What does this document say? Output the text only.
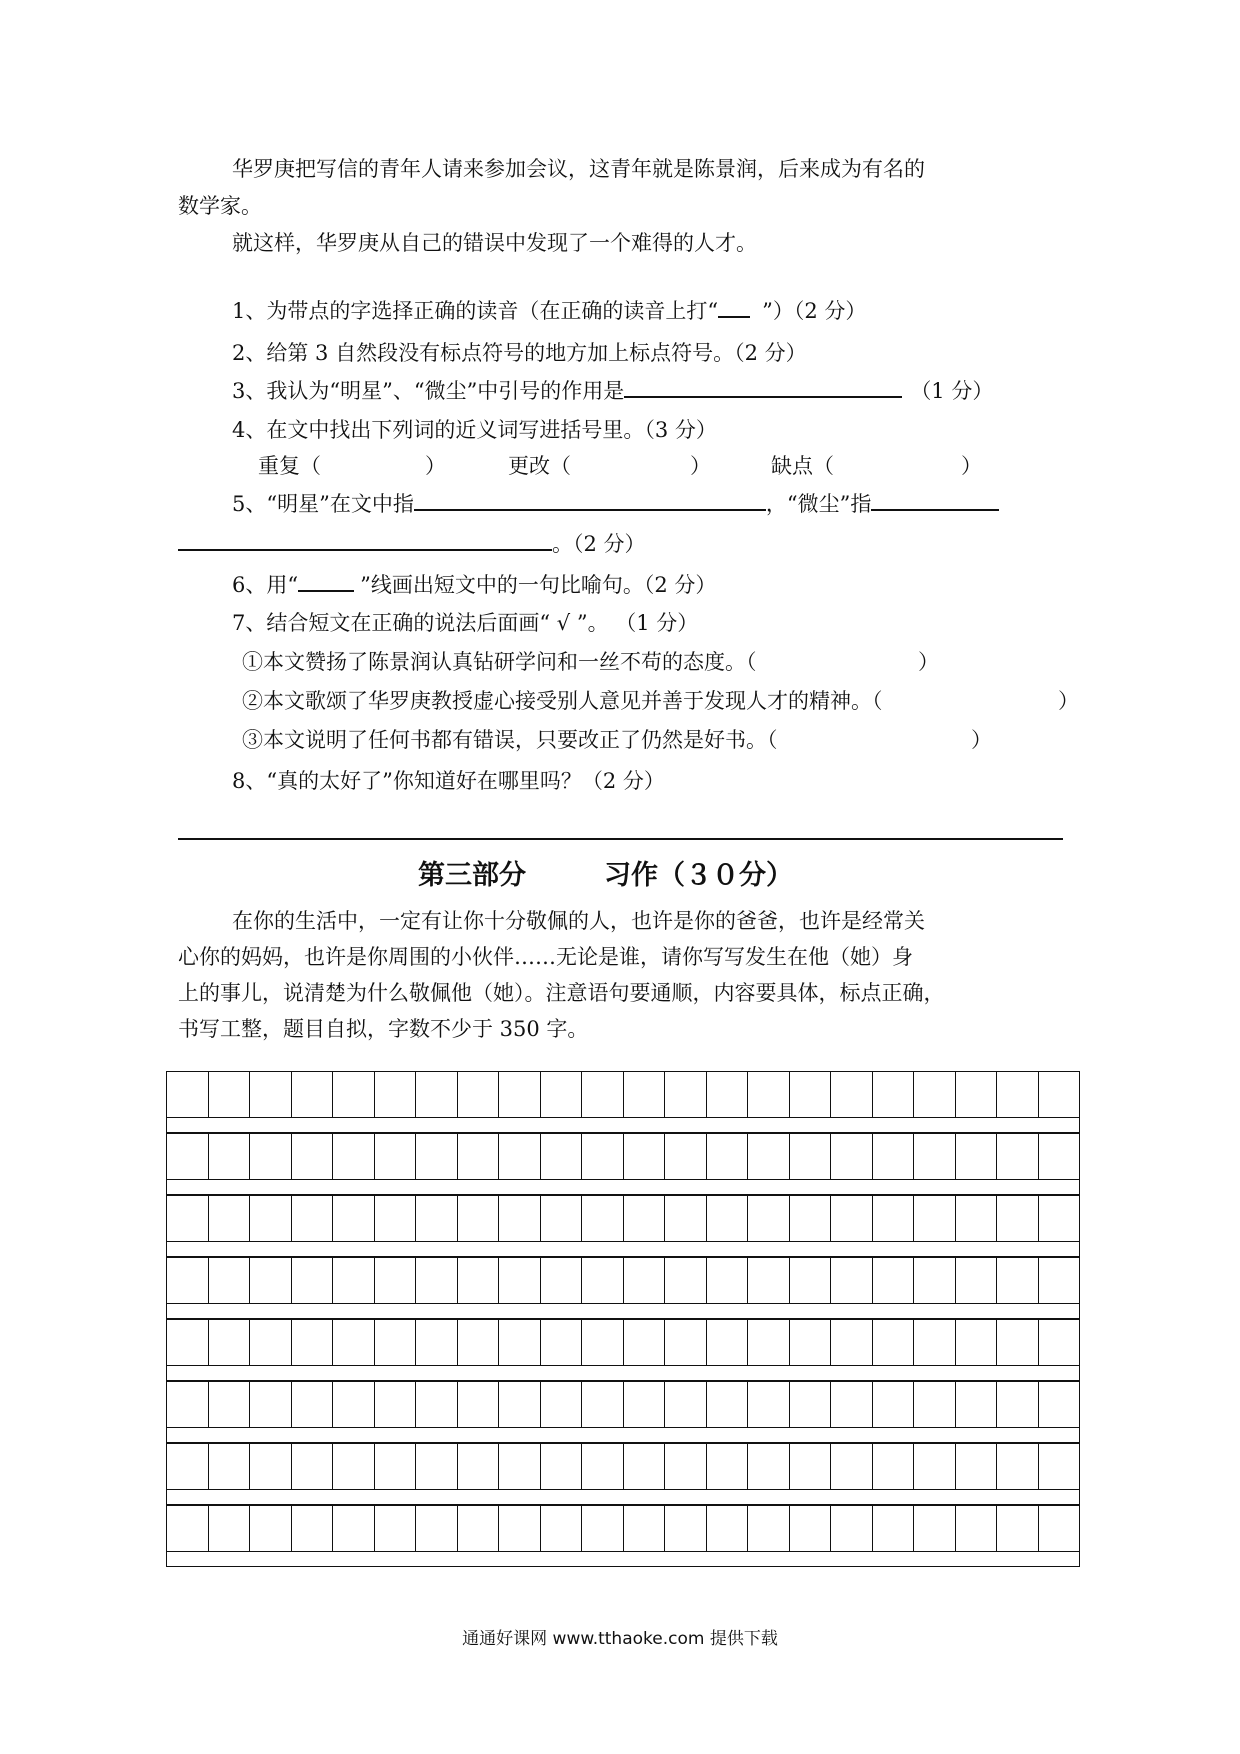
华罗庚把写信的青年人请来参加会议，这青年就是陈景润，后来成为有名的
数学家。
就这样，华罗庚从自己的错误中发现了一个难得的人才。
1、为带点的字选择正确的读音（在正确的读音上打“ ”）（2 分）
2、给第 3 自然段没有标点符号的地方加上标点符号。（2 分）
3、我认为“明星”、“微尘”中引号的作用是	（1 分）
4、在文中找出下列词的近义词写进括号里。（3 分）
重复（	）	更改（	）	缺点（	）
5、“明星”在文中指	，“微尘”指
。（2 分）
6、用“	”线画出短文中的一句比喻句。（2 分）
7、结合短文在正确的说法后面画“ √ ”。 （1 分）
①本文赞扬了陈景润认真钻研学问和一丝不苟的态度。（	）
②本文歌颂了华罗庚教授虚心接受别人意见并善于发现人才的精神。（	）
③本文说明了任何书都有错误，只要改正了仍然是好书。（	）
8、“真的太好了”你知道好在哪里吗？（2 分）
第三部分	习作（３０分）
在你的生活中，一定有让你十分敬佩的人，也许是你的爸爸，也许是经常关
心你的妈妈，也许是你周围的小伙伴……无论是谁，请你写写发生在他（她）身
上的事儿，说清楚为什么敬佩他（她）。注意语句要通顺，内容要具体，标点正确，
书写工整，题目自拟，字数不少于 350 字。
通通好课网 www.tthaoke.com 提供下载
